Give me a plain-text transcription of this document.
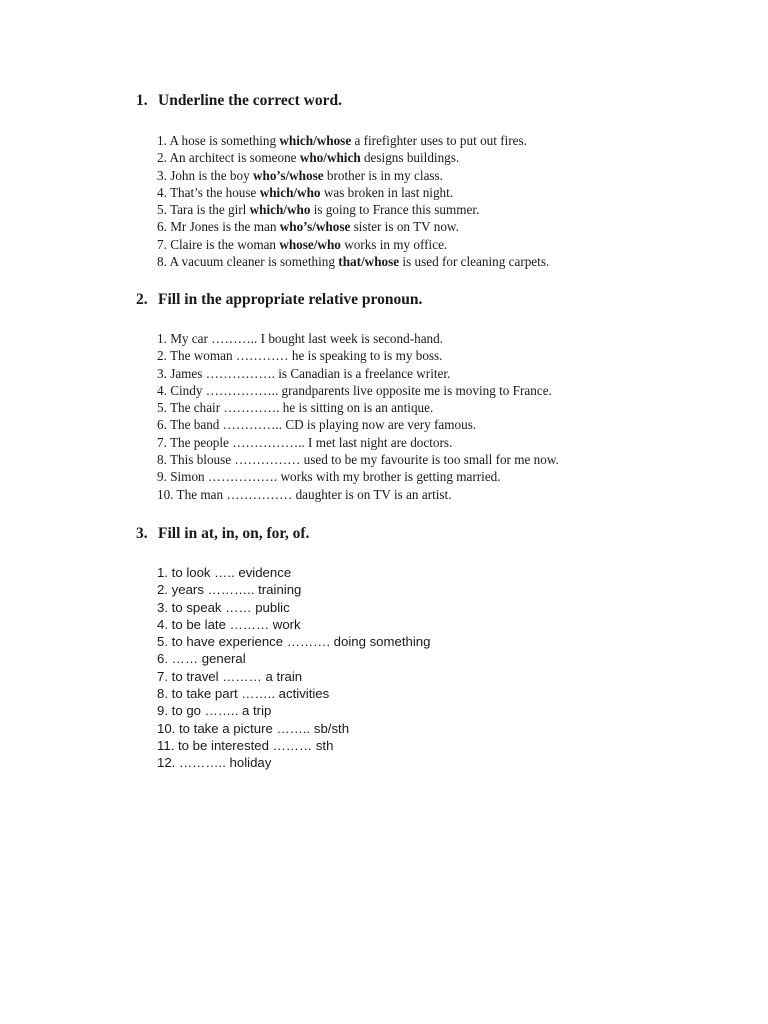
1. Underline the correct word.
1. A hose is something which/whose a firefighter uses to put out fires.
2. An architect is someone who/which designs buildings.
3. John is the boy who’s/whose brother is in my class.
4. That’s the house which/who was broken in last night.
5. Tara is the girl which/who is going to France this summer.
6. Mr Jones is the man who’s/whose sister is on TV now.
7. Claire is the woman whose/who works in my office.
8. A vacuum cleaner is something that/whose is used for cleaning carpets.
2. Fill in the appropriate relative pronoun.
1. My car ……….. I bought last week is second-hand.
2. The woman ………… he is speaking to is my boss.
3. James ……………. is Canadian is a freelance writer.
4. Cindy …………….. grandparents live opposite me is moving to France.
5. The chair …………. he is sitting on is an antique.
6. The band ………….. CD is playing now are very famous.
7. The people …………….. I met last night are doctors.
8. This blouse …………… used to be my favourite is too small for me now.
9. Simon ……………. works with my brother is getting married.
10. The man …………… daughter is on TV is an artist.
3. Fill in at, in, on, for, of.
1. to look ….. evidence
2. years ……….. training
3. to speak …… public
4. to be late ……… work
5. to have experience ………. doing something
6. …… general
7. to travel ……… a train
8. to take part …….. activities
9. to go …….. a trip
10. to take a picture …….. sb/sth
11. to be interested ……… sth
12. ……….. holiday
